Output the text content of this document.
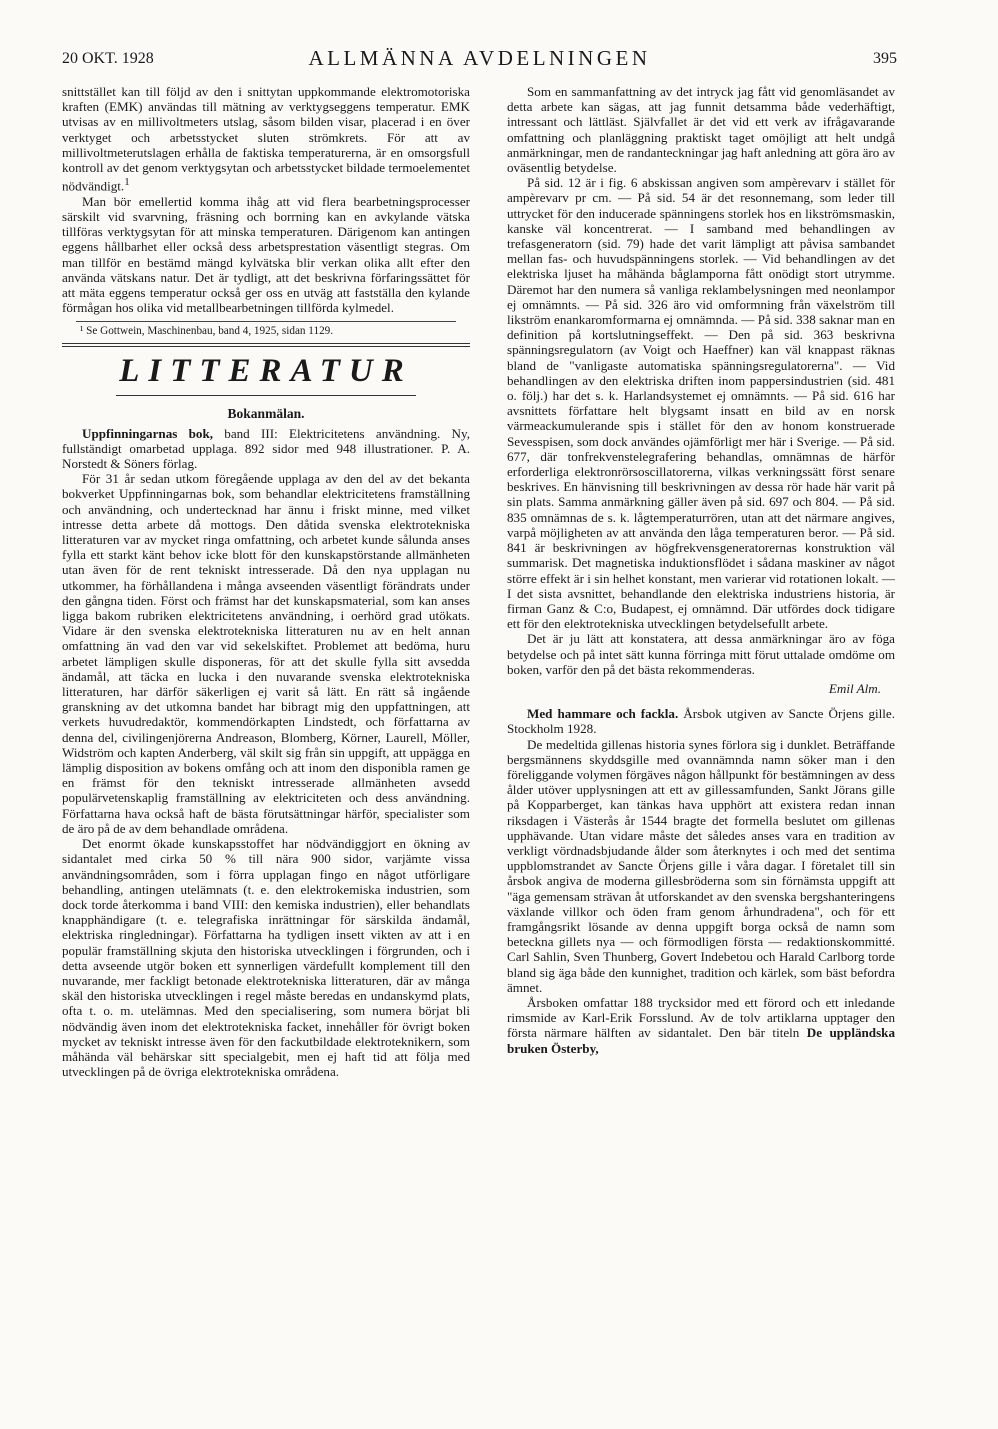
20 OKT. 1928	ALLMÄNNA AVDELNINGEN	395

snittstället kan till följd av den i snittytan uppkommande elektromotoriska kraften (EMK) användas till mätning av verktygseggens temperatur. EMK utvisas av en millivoltmeters utslag, såsom bilden visar, placerad i en över verktyget och arbetsstycket sluten strömkrets. För att av millivoltmeterutslagen erhålla de faktiska temperaturerna, är en omsorgsfull kontroll av det genom verktygsytan och arbetsstycket bildade termoelementet nödvändigt.$^1$

Man bör emellertid komma ihåg att vid flera bearbetningsprocesser särskilt vid svarvning, fräsning och borrning kan en avkylande vätska tillföras verktygsytan för att minska temperaturen. Därigenom kan antingen eggens hållbarhet eller också dess arbetsprestation väsentligt stegras. Om man tillför en bestämd mängd kylvätska blir verkan olika allt efter den använda vätskans natur. Det är tydligt, att det beskrivna förfaringssättet för att mäta eggens temperatur också ger oss en utväg att fastställa den kylande förmågan hos olika vid metallbearbetningen tillförda kylmedel.

¹ Se Gottwein, Maschinenbau, band 4, 1925, sidan 1129.
LITTERATUR
Bokanmälan.

Uppfinningarnas bok, band III: Elektricitetens användning. Ny, fullständigt omarbetad upplaga. 892 sidor med 948 illustrationer. P. A. Norstedt & Söners förlag.

För 31 år sedan utkom föregående upplaga av den del av det bekanta bokverket Uppfinningarnas bok, som behandlar elektricitetens framställning och användning, och undertecknad har ännu i friskt minne, med vilket intresse detta arbete då mottogs. Den dåtida svenska elektrotekniska litteraturen var av mycket ringa omfattning, och arbetet kunde sålunda anses fylla ett starkt känt behov icke blott för den kunskapstörstande allmänheten utan även för de rent tekniskt intresserade. Då den nya upplagan nu utkommer, ha förhållandena i många avseenden väsentligt förändrats under den gångna tiden. Först och främst har det kunskapsmaterial, som kan anses ligga bakom rubriken elektricitetens användning, i oerhörd grad utökats. Vidare är den svenska elektrotekniska litteraturen nu av en helt annan omfattning än vad den var vid sekelskiftet. Problemet att bedöma, huru arbetet lämpligen skulle disponeras, för att det skulle fylla sitt avsedda ändamål, att täcka en lucka i den nuvarande svenska elektrotekniska litteraturen, har därför säkerligen ej varit så lätt. En rätt så ingående granskning av det utkomna bandet har bibragt mig den uppfattningen, att verkets huvudredaktör, kommendörkapten Lindstedt, och författarna av denna del, civilingenjörerna Andreason, Blomberg, Körner, Laurell, Möller, Widström och kapten Anderberg, väl skilt sig från sin uppgift, att uppägga en lämplig disposition av bokens omfång och att inom den disponibla ramen ge en främst för den tekniskt intresserade allmänheten avsedd populärvetenskaplig framställning av elektriciteten och dess användning. Författarna hava också haft de bästa förutsättningar härför, specialister som de äro på de av dem behandlade områdena.

Det enormt ökade kunskapsstoffet har nödvändiggjort en ökning av sidantalet med cirka 50 % till nära 900 sidor, varjämte vissa användningsområden, som i förra upplagan fingo en något utförligare behandling, antingen utelämnats (t. e. den elektrokemiska industrien, som dock torde återkomma i band VIII: den kemiska industrien), eller behandlats knapphändigare (t. e. telegrafiska inrättningar för särskilda ändamål, elektriska ringledningar). Författarna ha tydligen insett vikten av att i en populär framställning skjuta den historiska utvecklingen i förgrunden, och i detta avseende utgör boken ett synnerligen värdefullt komplement till den nuvarande, mer fackligt betonade elektrotekniska litteraturen, där av många skäl den historiska utvecklingen i regel måste beredas en undanskymd plats, ofta t. o. m. utelämnas. Med den specialisering, som numera börjat bli nödvändig även inom det elektrotekniska facket, innehåller för övrigt boken mycket av tekniskt intresse även för den fackutbildade elektroteknikern, som måhända väl behärskar sitt specialgebit, men ej haft tid att följa med utvecklingen på de övriga elektrotekniska områdena.

Som en sammanfattning av det intryck jag fått vid genomläsandet av detta arbete kan sägas, att jag funnit detsamma både vederhäftigt, intressant och lättläst. Självfallet är det vid ett verk av ifrågavarande omfattning och planläggning praktiskt taget omöjligt att helt undgå anmärkningar, men de randanteckningar jag haft anledning att göra äro av oväsentlig betydelse.

På sid. 12 är i fig. 6 abskissan angiven som ampèrevarv i stället för ampèrevarv pr cm. — På sid. 54 är det resonnemang, som leder till uttrycket för den inducerade spänningens storlek hos en likströmsmaskin, kanske väl koncentrerat. — I samband med behandlingen av trefasgeneratorn (sid. 79) hade det varit lämpligt att påvisa sambandet mellan fas- och huvudspänningens storlek. — Vid behandlingen av det elektriska ljuset ha måhända båglamporna fått onödigt stort utrymme. Däremot har den numera så vanliga reklambelysningen med neonlampor ej omnämnts. — På sid. 326 äro vid omformning från växelström till likström enankaromformarna ej omnämnda. — På sid. 338 saknar man en definition på kortslutningseffekt. — Den på sid. 363 beskrivna spänningsregulatorn (av Voigt och Haeffner) kan väl knappast räknas bland de "vanligaste automatiska spänningsregulatorerna". — Vid behandlingen av den elektriska driften inom pappersindustrien (sid. 481 o. följ.) har det s. k. Harlandsystemet ej omnämnts. — På sid. 616 har avsnittets författare helt blygsamt insatt en bild av en norsk värmeackumulerande spis i stället för den av honom konstruerade Sevesspisen, som dock användes ojämförligt mer här i Sverige. — På sid. 677, där tonfrekvenstelegrafering behandlas, omnämnas de härför erforderliga elektronrörsoscillatorerna, vilkas verkningssätt först senare beskrives. En hänvisning till beskrivningen av dessa rör hade här varit på sin plats. Samma anmärkning gäller även på sid. 697 och 804. — På sid. 835 omnämnas de s. k. lågtemperaturrören, utan att det närmare angives, varpå möjligheten av att använda den låga temperaturen beror. — På sid. 841 är beskrivningen av högfrekvensgeneratorernas konstruktion väl summarisk. Det magnetiska induktionsflödet i sådana maskiner av något större effekt är i sin helhet konstant, men varierar vid rotationen lokalt. — I det sista avsnittet, behandlande den elektriska industriens historia, är firman Ganz & C:o, Budapest, ej omnämnd. Där utfördes dock tidigare ett för den elektrotekniska utvecklingen betydelsefullt arbete.

Det är ju lätt att konstatera, att dessa anmärkningar äro av föga betydelse och på intet sätt kunna förringa mitt förut uttalade omdöme om boken, varför den på det bästa rekommenderas.

Emil Alm.

Med hammare och fackla. Årsbok utgiven av Sancte Örjens gille. Stockholm 1928.

De medeltida gillenas historia synes förlora sig i dunklet. Beträffande bergsmännens skyddsgille med ovannämnda namn söker man i den föreliggande volymen förgäves någon hållpunkt för bestämningen av dess ålder utöver upplysningen att ett av gillessamfunden, Sankt Jörans gille på Kopparberget, kan tänkas hava upphört att existera redan innan riksdagen i Västerås år 1544 bragte det formella beslutet om gillenas upphävande. Utan vidare måste det således anses vara en tradition av verkligt vördnadsbjudande ålder som återknytes i och med det sentima uppblomstrandet av Sancte Örjens gille i våra dagar. I företalet till sin årsbok angiva de moderna gillesbröderna som sin förnämsta uppgift att "äga gemensam strävan åt utforskandet av den svenska bergshanteringens växlande villkor och öden fram genom århundradena", och för ett framgångsrikt lösande av denna uppgift borga också de namn som beteckna gillets nya — och förmodligen första — redaktionskommitté. Carl Sahlin, Sven Thunberg, Govert Indebetou och Harald Carlborg torde bland sig äga både den kunnighet, tradition och kärlek, som bäst befordra ämnet.

Årsboken omfattar 188 trycksidor med ett förord och ett inledande rimsmide av Karl-Erik Forsslund. Av de tolv artiklarna upptager den första närmare hälften av sidantalet. Den bär titeln De uppländska bruken Österby,
